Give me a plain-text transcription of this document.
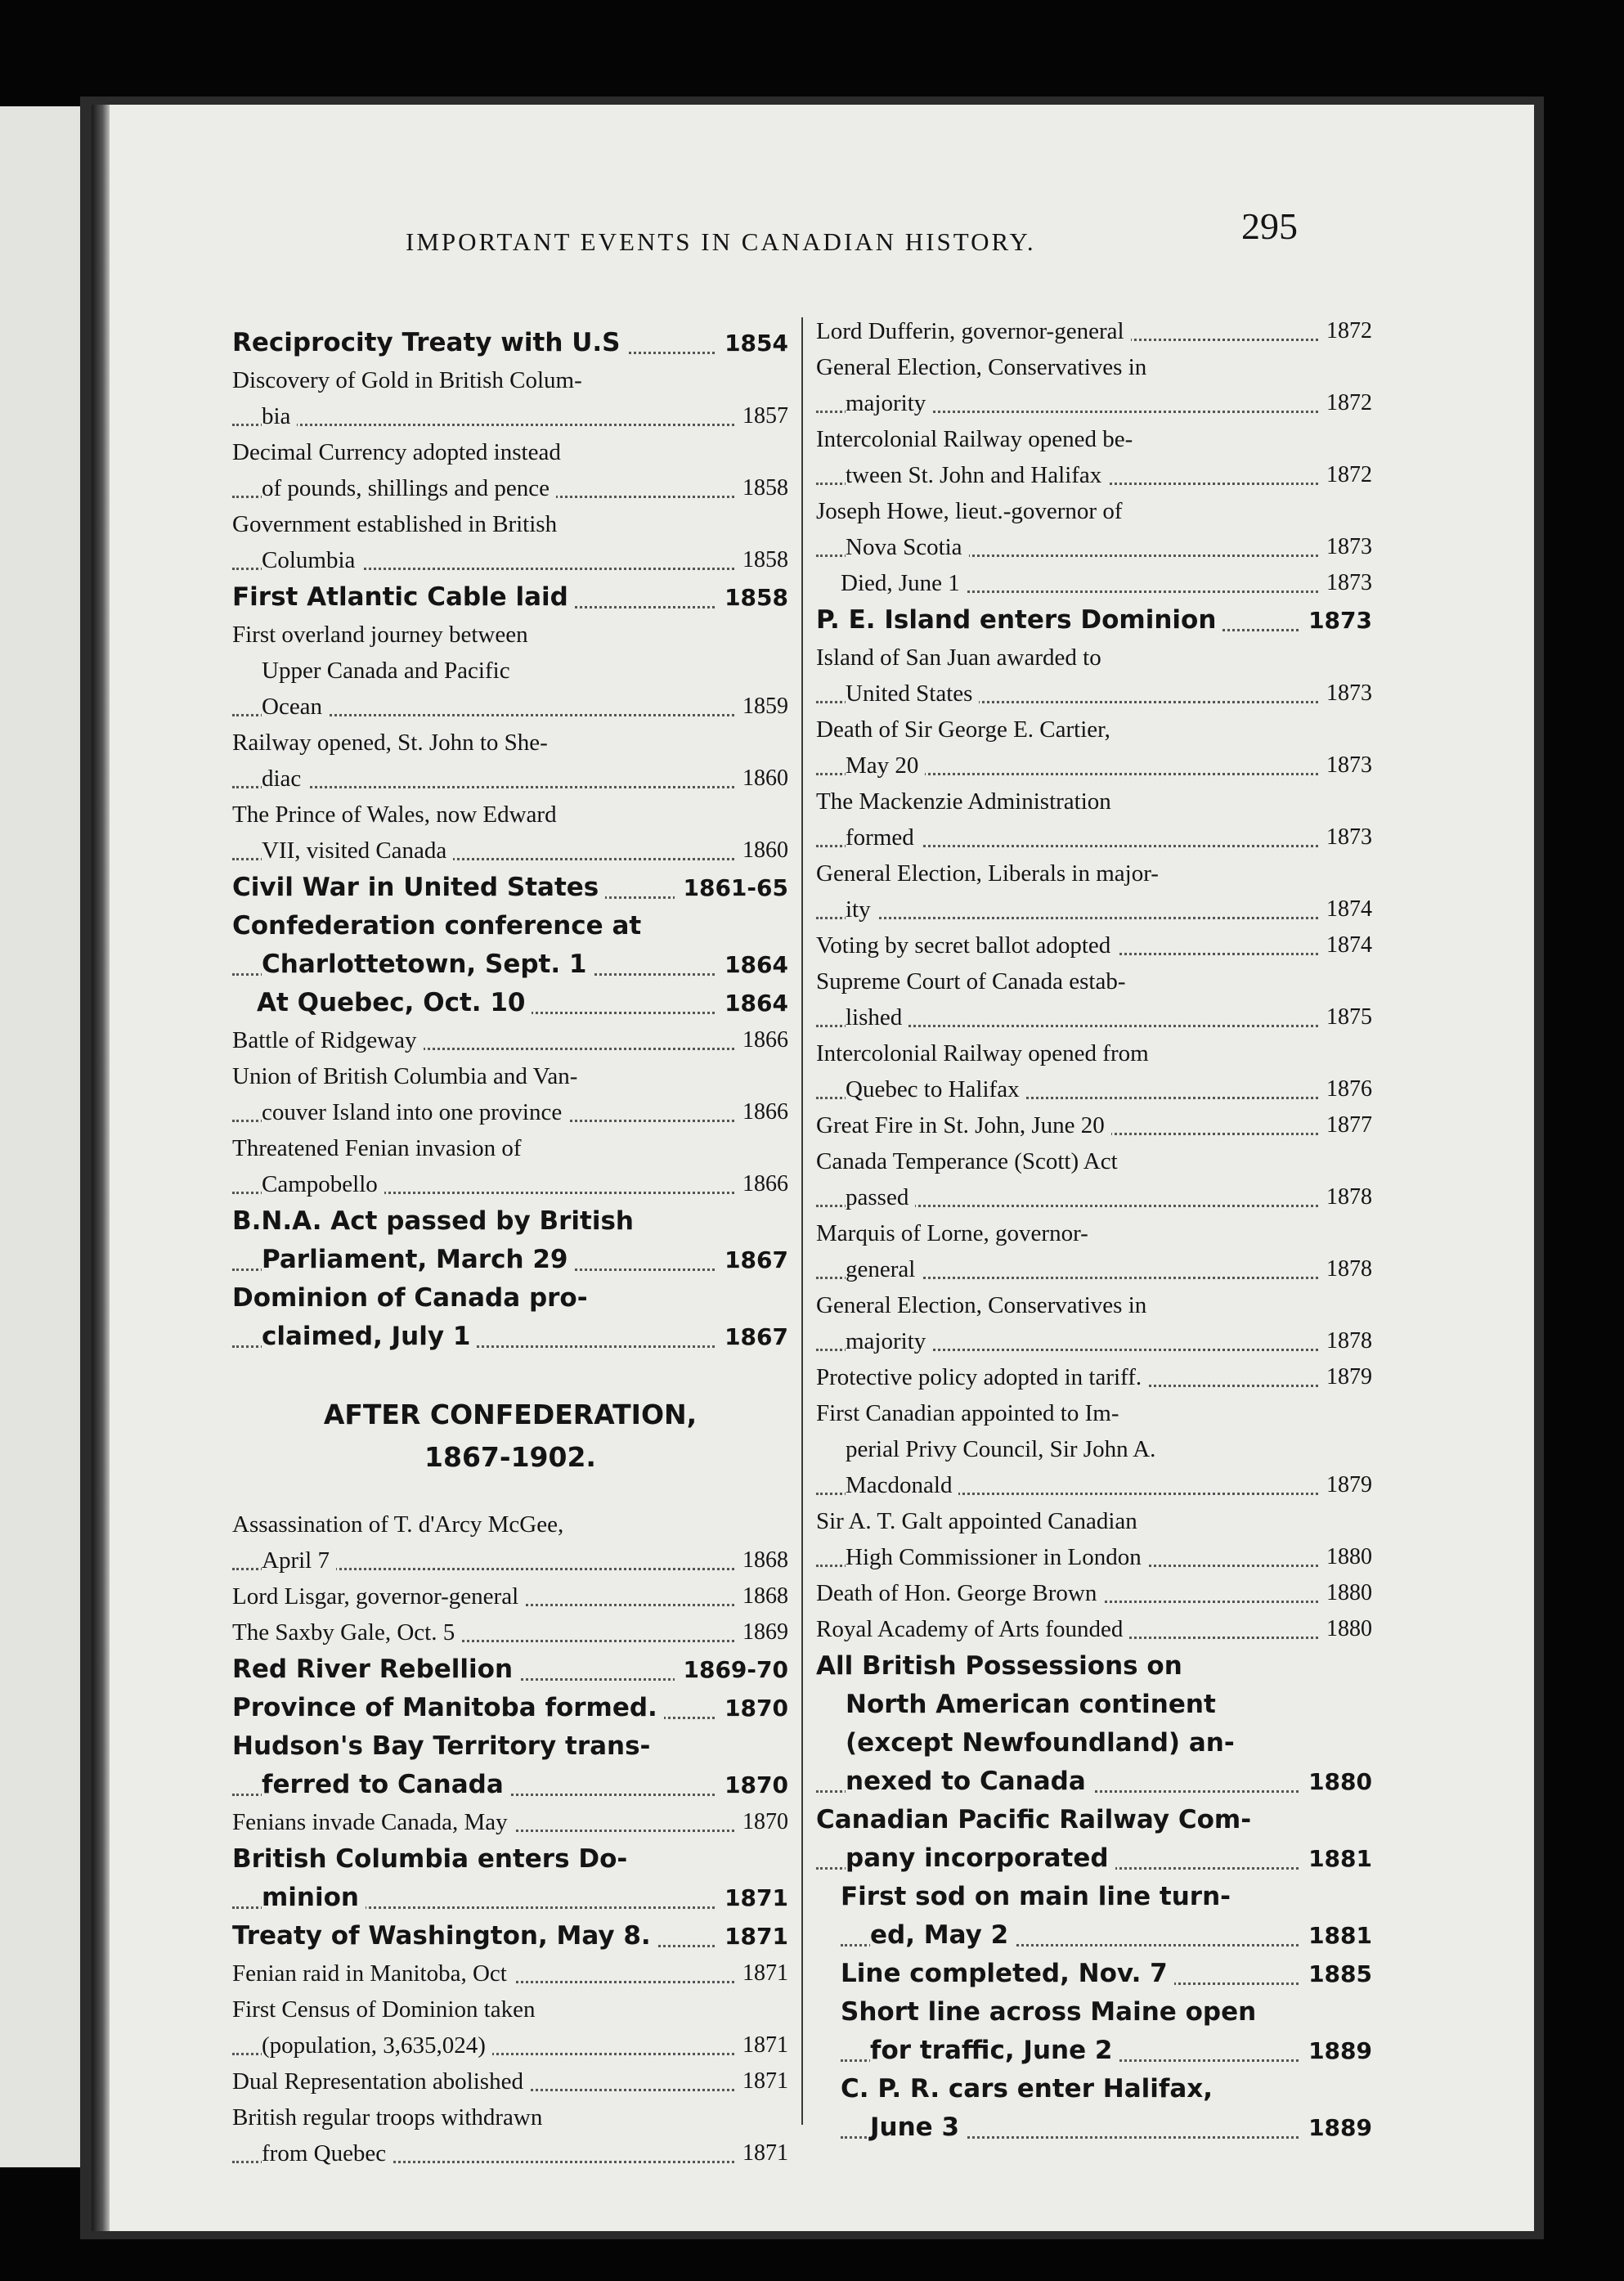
IMPORTANT EVENTS IN CANADIAN HISTORY.	295
Reciprocity Treaty with U.S	1854
Discovery of Gold in British Colum-
bia	1857
Decimal Currency adopted instead
of pounds, shillings and pence	1858
Government established in British
Columbia	1858
First Atlantic Cable laid	1858
First overland journey between
Upper Canada and Pacific
Ocean	1859
Railway opened, St. John to She-
diac	1860
The Prince of Wales, now Edward
VII, visited Canada	1860
Civil War in United States	1861-65
Confederation conference at
Charlottetown, Sept. 1	1864
At Quebec, Oct. 10	1864
Battle of Ridgeway	1866
Union of British Columbia and Van-
couver Island into one province	1866
Threatened Fenian invasion of
Campobello	1866
B.N.A. Act passed by British
Parliament, March 29	1867
Dominion of Canada pro-
claimed, July 1	1867
AFTER CONFEDERATION,
1867-1902.
Assassination of T. d'Arcy McGee,
April 7	1868
Lord Lisgar, governor-general	1868
The Saxby Gale, Oct. 5	1869
Red River Rebellion	1869-70
Province of Manitoba formed.	1870
Hudson's Bay Territory trans-
ferred to Canada	1870
Fenians invade Canada, May	1870
British Columbia enters Do-
minion	1871
Treaty of Washington, May 8.	1871
Fenian raid in Manitoba, Oct	1871
First Census of Dominion taken
(population, 3,635,024)	1871
Dual Representation abolished	1871
British regular troops withdrawn
from Quebec	1871
Lord Dufferin, governor-general	1872
General Election, Conservatives in
majority	1872
Intercolonial Railway opened be-
tween St. John and Halifax	1872
Joseph Howe, lieut.-governor of
Nova Scotia	1873
Died, June 1	1873
P. E. Island enters Dominion	1873
Island of San Juan awarded to
United States	1873
Death of Sir George E. Cartier,
May 20	1873
The Mackenzie Administration
formed	1873
General Election, Liberals in major-
ity	1874
Voting by secret ballot adopted	1874
Supreme Court of Canada estab-
lished	1875
Intercolonial Railway opened from
Quebec to Halifax	1876
Great Fire in St. John, June 20	1877
Canada Temperance (Scott) Act
passed	1878
Marquis of Lorne, governor-
general	1878
General Election, Conservatives in
majority	1878
Protective policy adopted in tariff.	1879
First Canadian appointed to Im-
perial Privy Council, Sir John A.
Macdonald	1879
Sir A. T. Galt appointed Canadian
High Commissioner in London	1880
Death of Hon. George Brown	1880
Royal Academy of Arts founded	1880
All British Possessions on
North American continent
(except Newfoundland) an-
nexed to Canada	1880
Canadian Pacific Railway Com-
pany incorporated	1881
First sod on main line turn-
ed, May 2	1881
Line completed, Nov. 7	1885
Short line across Maine open
for traffic, June 2	1889
C. P. R. cars enter Halifax,
June 3	1889
